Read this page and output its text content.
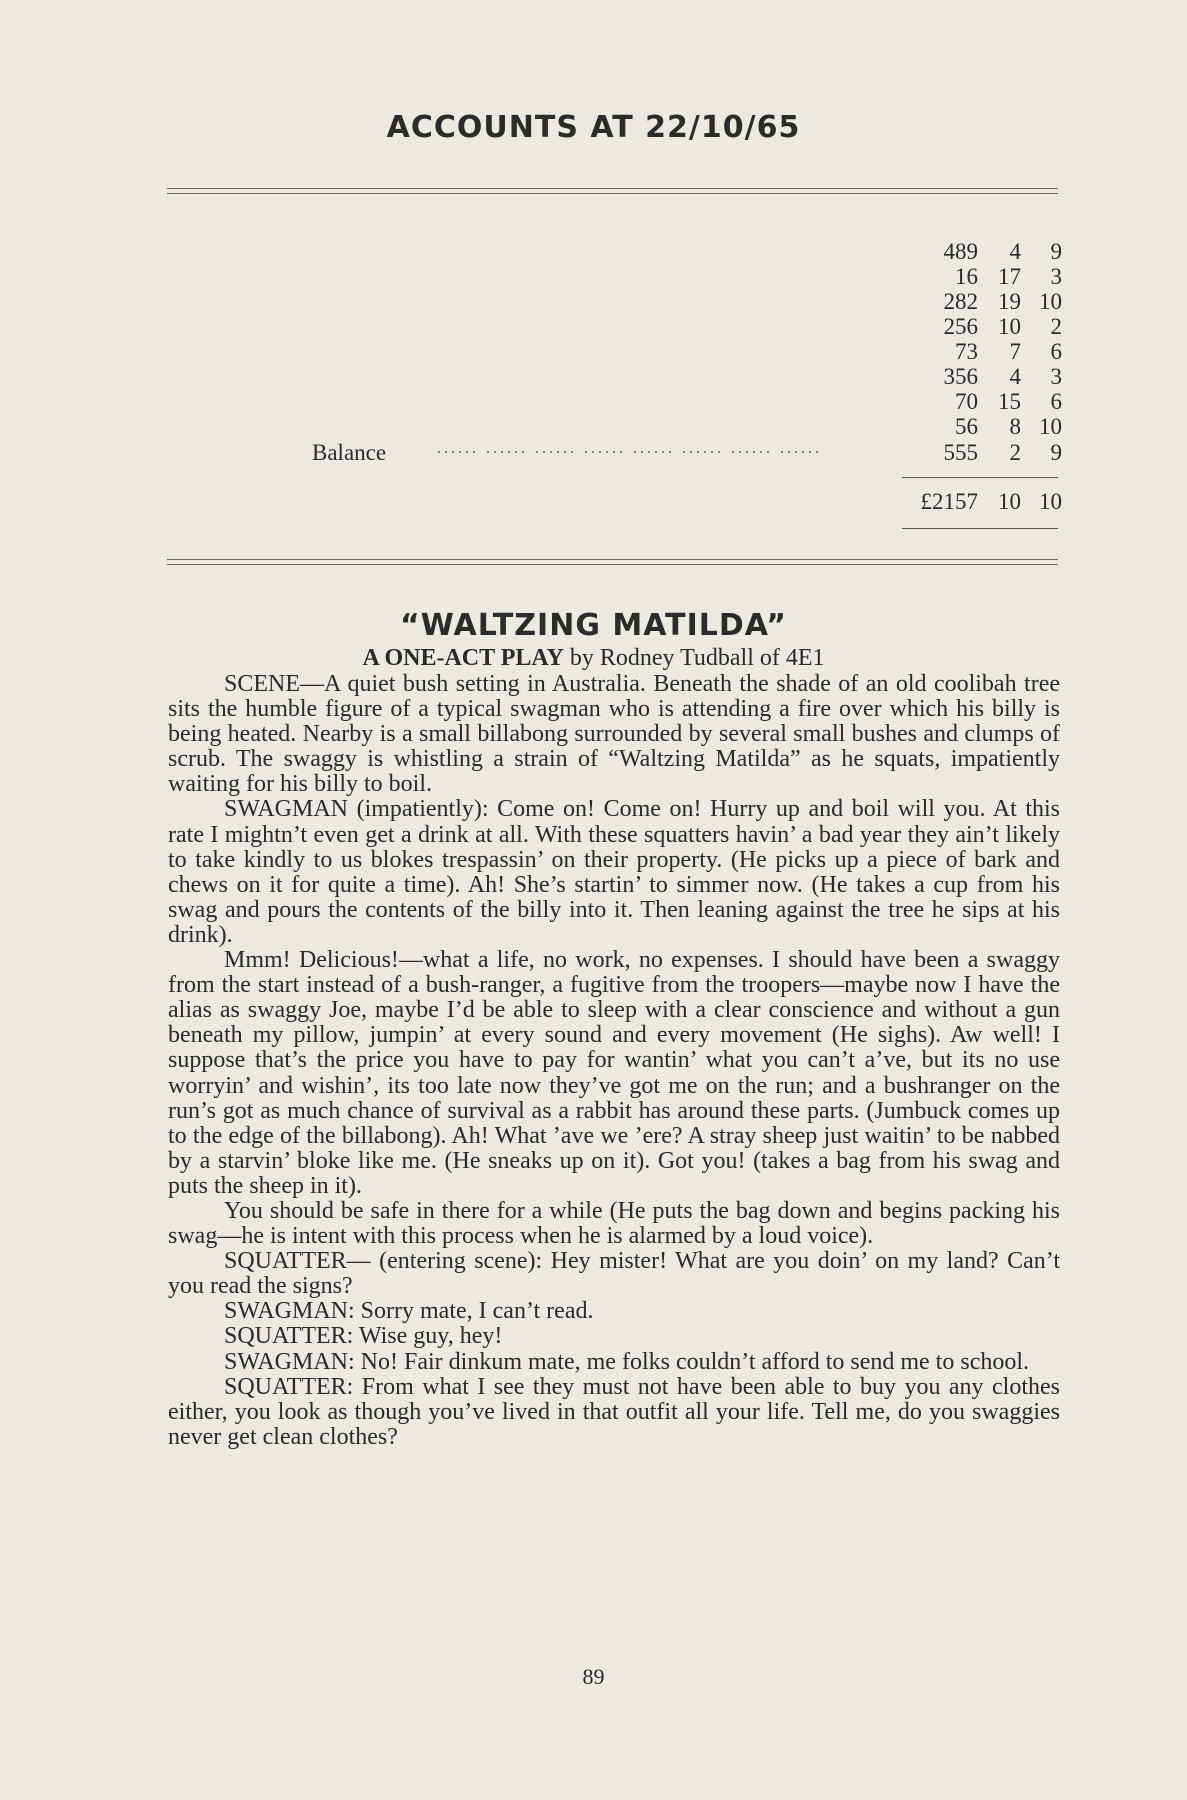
ACCOUNTS AT 22/10/65
489 4 9
16 17 3
282 19 10
256 10 2
73 7 6
356 4 3
70 15 6
56 8 10
Balance	...... ...... ...... ...... ...... ...... ...... ......	555 2 9
£2157 10 10
“WALTZING MATILDA”
A ONE-ACT PLAY by Rodney Tudball of 4E1

SCENE—A quiet bush setting in Australia. Beneath the shade of an old coolibah tree sits the humble figure of a typical swagman who is attending a fire over which his billy is being heated. Nearby is a small billabong surrounded by several small bushes and clumps of scrub. The swaggy is whistling a strain of “Waltzing Matilda” as he squats, impatiently waiting for his billy to boil.

SWAGMAN (impatiently): Come on! Come on! Hurry up and boil will you. At this rate I mightn’t even get a drink at all. With these squatters havin’ a bad year they ain’t likely to take kindly to us blokes trespassin’ on their property. (He picks up a piece of bark and chews on it for quite a time). Ah! She’s startin’ to simmer now. (He takes a cup from his swag and pours the contents of the billy into it. Then leaning against the tree he sips at his drink).

Mmm! Delicious!—what a life, no work, no expenses. I should have been a swaggy from the start instead of a bush-ranger, a fugitive from the troopers—maybe now I have the alias as swaggy Joe, maybe I’d be able to sleep with a clear conscience and without a gun beneath my pillow, jumpin’ at every sound and every movement (He sighs). Aw well! I suppose that’s the price you have to pay for wantin’ what you can’t a’ve, but its no use worryin’ and wishin’, its too late now they’ve got me on the run; and a bushranger on the run’s got as much chance of survival as a rabbit has around these parts. (Jumbuck comes up to the edge of the billabong). Ah! What ’ave we ’ere? A stray sheep just waitin’ to be nabbed by a starvin’ bloke like me. (He sneaks up on it). Got you! (takes a bag from his swag and puts the sheep in it).

You should be safe in there for a while (He puts the bag down and begins packing his swag—he is intent with this process when he is alarmed by a loud voice).

SQUATTER— (entering scene): Hey mister! What are you doin’ on my land? Can’t you read the signs?

SWAGMAN: Sorry mate, I can’t read.

SQUATTER: Wise guy, hey!

SWAGMAN: No! Fair dinkum mate, me folks couldn’t afford to send me to school.

SQUATTER: From what I see they must not have been able to buy you any clothes either, you look as though you’ve lived in that outfit all your life. Tell me, do you swaggies never get clean clothes?

89
